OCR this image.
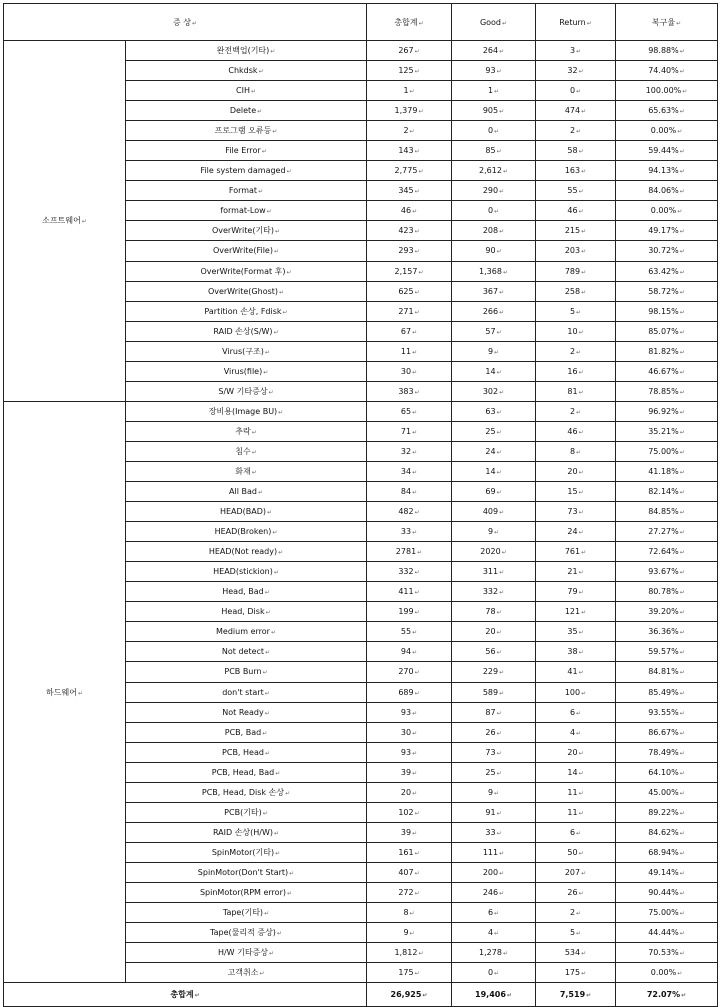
증 상↵		총합계↵	Good↵	Return↵	복구율↵
소프트웨어↵	완전백업(기타)↵	267↵	264↵	3↵	98.88%↵
	Chkdsk↵	125↵	93↵	32↵	74.40%↵
	CIH↵	1↵	1↵	0↵	100.00%↵
	Delete↵	1,379↵	905↵	474↵	65.63%↵
	프로그램 오류등↵	2↵	0↵	2↵	0.00%↵
	File Error↵	143↵	85↵	58↵	59.44%↵
	File system damaged↵	2,775↵	2,612↵	163↵	94.13%↵
	Format↵	345↵	290↵	55↵	84.06%↵
	format-Low↵	46↵	0↵	46↵	0.00%↵
	OverWrite(기타)↵	423↵	208↵	215↵	49.17%↵
	OverWrite(File)↵	293↵	90↵	203↵	30.72%↵
	OverWrite(Format 후)↵	2,157↵	1,368↵	789↵	63.42%↵
	OverWrite(Ghost)↵	625↵	367↵	258↵	58.72%↵
	Partition 손상, Fdisk↵	271↵	266↵	5↵	98.15%↵
	RAID 손상(S/W)↵	67↵	57↵	10↵	85.07%↵
	Virus(구조)↵	11↵	9↵	2↵	81.82%↵
	Virus(file)↵	30↵	14↵	16↵	46.67%↵
	S/W 기타증상↵	383↵	302↵	81↵	78.85%↵
하드웨어↵	장비용(Image BU)↵	65↵	63↵	2↵	96.92%↵
	추락↵	71↵	25↵	46↵	35.21%↵
	침수↵	32↵	24↵	8↵	75.00%↵
	화재↵	34↵	14↵	20↵	41.18%↵
	All Bad↵	84↵	69↵	15↵	82.14%↵
	HEAD(BAD)↵	482↵	409↵	73↵	84.85%↵
	HEAD(Broken)↵	33↵	9↵	24↵	27.27%↵
	HEAD(Not ready)↵	2781↵	2020↵	761↵	72.64%↵
	HEAD(stickion)↵	332↵	311↵	21↵	93.67%↵
	Head, Bad↵	411↵	332↵	79↵	80.78%↵
	Head, Disk↵	199↵	78↵	121↵	39.20%↵
	Medium error↵	55↵	20↵	35↵	36.36%↵
	Not detect↵	94↵	56↵	38↵	59.57%↵
	PCB Burn↵	270↵	229↵	41↵	84.81%↵
	don't start↵	689↵	589↵	100↵	85.49%↵
	Not Ready↵	93↵	87↵	6↵	93.55%↵
	PCB, Bad↵	30↵	26↵	4↵	86.67%↵
	PCB, Head↵	93↵	73↵	20↵	78.49%↵
	PCB, Head, Bad↵	39↵	25↵	14↵	64.10%↵
	PCB, Head, Disk 손상↵	20↵	9↵	11↵	45.00%↵
	PCB(기타)↵	102↵	91↵	11↵	89.22%↵
	RAID 손상(H/W)↵	39↵	33↵	6↵	84.62%↵
	SpinMotor(기타)↵	161↵	111↵	50↵	68.94%↵
	SpinMotor(Don't Start)↵	407↵	200↵	207↵	49.14%↵
	SpinMotor(RPM error)↵	272↵	246↵	26↵	90.44%↵
	Tape(기타)↵	8↵	6↵	2↵	75.00%↵
	Tape(물리적 증상)↵	9↵	4↵	5↵	44.44%↵
	H/W 기타증상↵	1,812↵	1,278↵	534↵	70.53%↵
	고객취소↵	175↵	0↵	175↵	0.00%↵
총합계↵		26,925↵	19,406↵	7,519↵	72.07%↵
